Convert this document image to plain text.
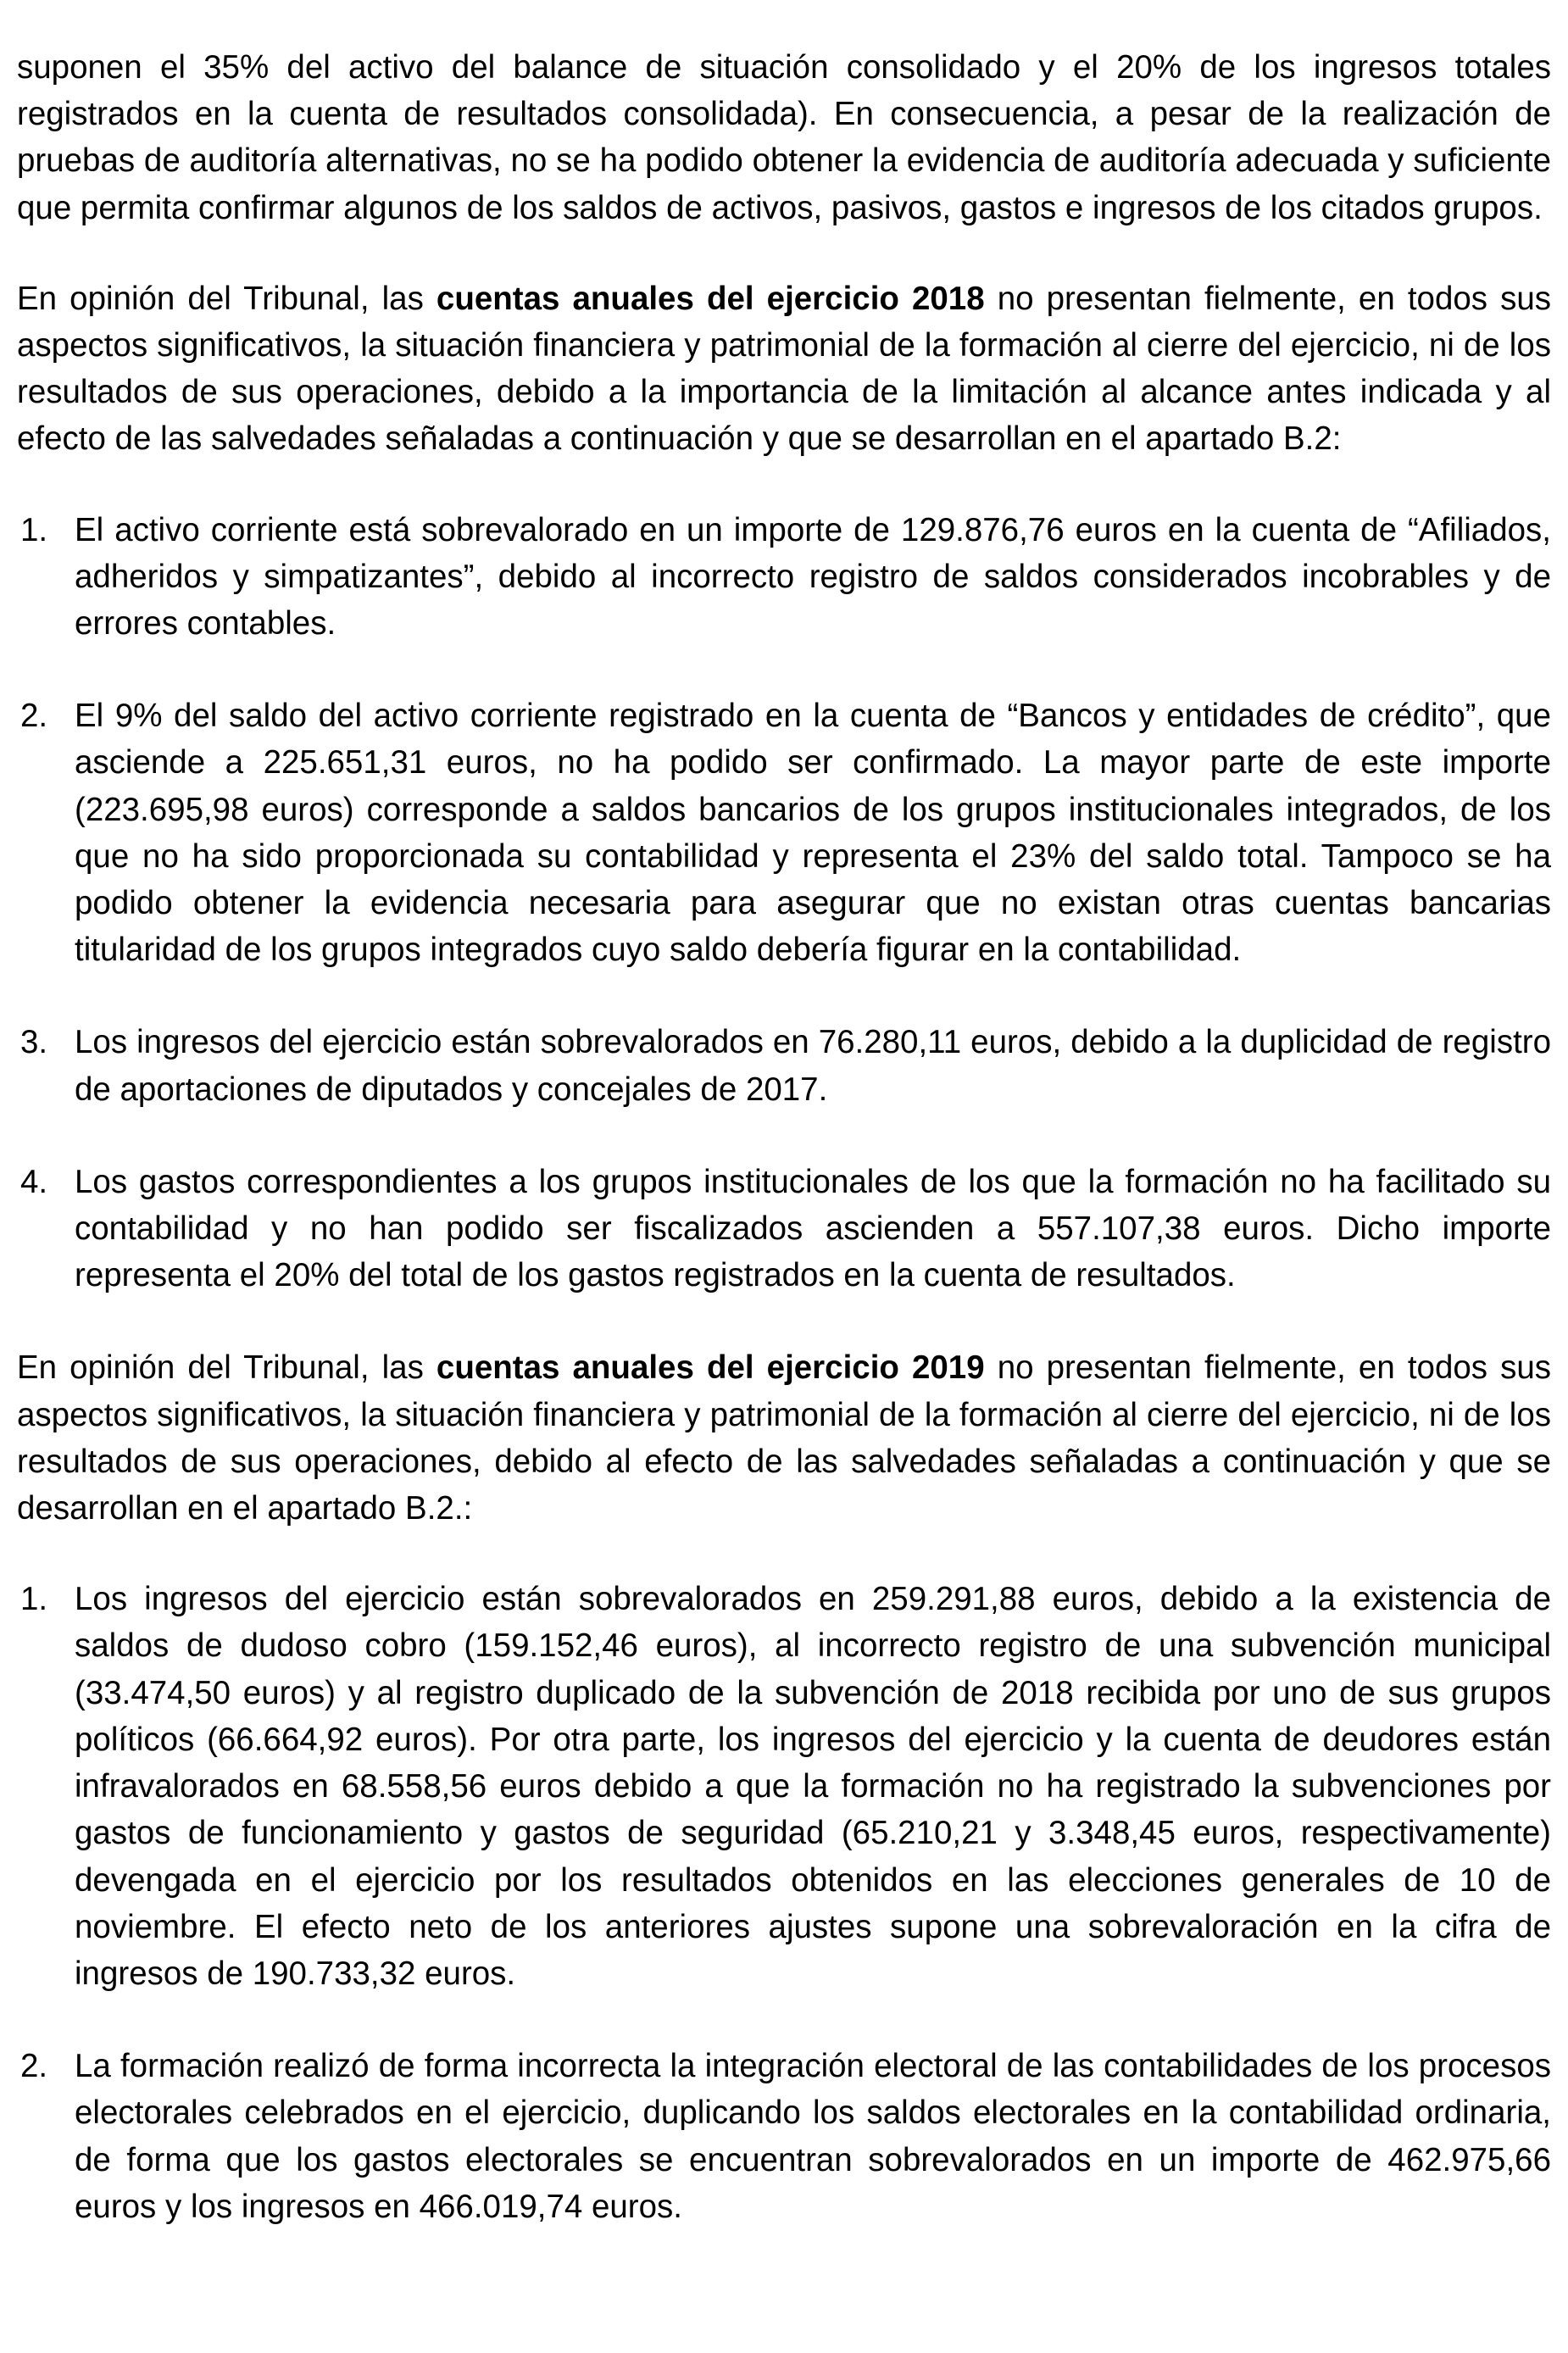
suponen el 35% del activo del balance de situación consolidado y el 20% de los ingresos totales registrados en la cuenta de resultados consolidada). En consecuencia, a pesar de la realización de pruebas de auditoría alternativas, no se ha podido obtener la evidencia de auditoría adecuada y suficiente que permita confirmar algunos de los saldos de activos, pasivos, gastos e ingresos de los citados grupos.

En opinión del Tribunal, las cuentas anuales del ejercicio 2018 no presentan fielmente, en todos sus aspectos significativos, la situación financiera y patrimonial de la formación al cierre del ejercicio, ni de los resultados de sus operaciones, debido a la importancia de la limitación al alcance antes indicada y al efecto de las salvedades señaladas a continuación y que se desarrollan en el apartado B.2:

1. El activo corriente está sobrevalorado en un importe de 129.876,76 euros en la cuenta de “Afiliados, adheridos y simpatizantes”, debido al incorrecto registro de saldos considerados incobrables y de errores contables.
2. El 9% del saldo del activo corriente registrado en la cuenta de “Bancos y entidades de crédito”, que asciende a 225.651,31 euros, no ha podido ser confirmado. La mayor parte de este importe (223.695,98 euros) corresponde a saldos bancarios de los grupos institucionales integrados, de los que no ha sido proporcionada su contabilidad y representa el 23% del saldo total. Tampoco se ha podido obtener la evidencia necesaria para asegurar que no existan otras cuentas bancarias titularidad de los grupos integrados cuyo saldo debería figurar en la contabilidad.
3. Los ingresos del ejercicio están sobrevalorados en 76.280,11 euros, debido a la duplicidad de registro de aportaciones de diputados y concejales de 2017.
4. Los gastos correspondientes a los grupos institucionales de los que la formación no ha facilitado su contabilidad y no han podido ser fiscalizados ascienden a 557.107,38 euros. Dicho importe representa el 20% del total de los gastos registrados en la cuenta de resultados.

En opinión del Tribunal, las cuentas anuales del ejercicio 2019 no presentan fielmente, en todos sus aspectos significativos, la situación financiera y patrimonial de la formación al cierre del ejercicio, ni de los resultados de sus operaciones, debido al efecto de las salvedades señaladas a continuación y que se desarrollan en el apartado B.2.:

1. Los ingresos del ejercicio están sobrevalorados en 259.291,88 euros, debido a la existencia de saldos de dudoso cobro (159.152,46 euros), al incorrecto registro de una subvención municipal (33.474,50 euros) y al registro duplicado de la subvención de 2018 recibida por uno de sus grupos políticos (66.664,92 euros). Por otra parte, los ingresos del ejercicio y la cuenta de deudores están infravalorados en 68.558,56 euros debido a que la formación no ha registrado la subvenciones por gastos de funcionamiento y gastos de seguridad (65.210,21 y 3.348,45 euros, respectivamente) devengada en el ejercicio por los resultados obtenidos en las elecciones generales de 10 de noviembre. El efecto neto de los anteriores ajustes supone una sobrevaloración en la cifra de ingresos de 190.733,32 euros.
2. La formación realizó de forma incorrecta la integración electoral de las contabilidades de los procesos electorales celebrados en el ejercicio, duplicando los saldos electorales en la contabilidad ordinaria, de forma que los gastos electorales se encuentran sobrevalorados en un importe de 462.975,66 euros y los ingresos en 466.019,74 euros.
